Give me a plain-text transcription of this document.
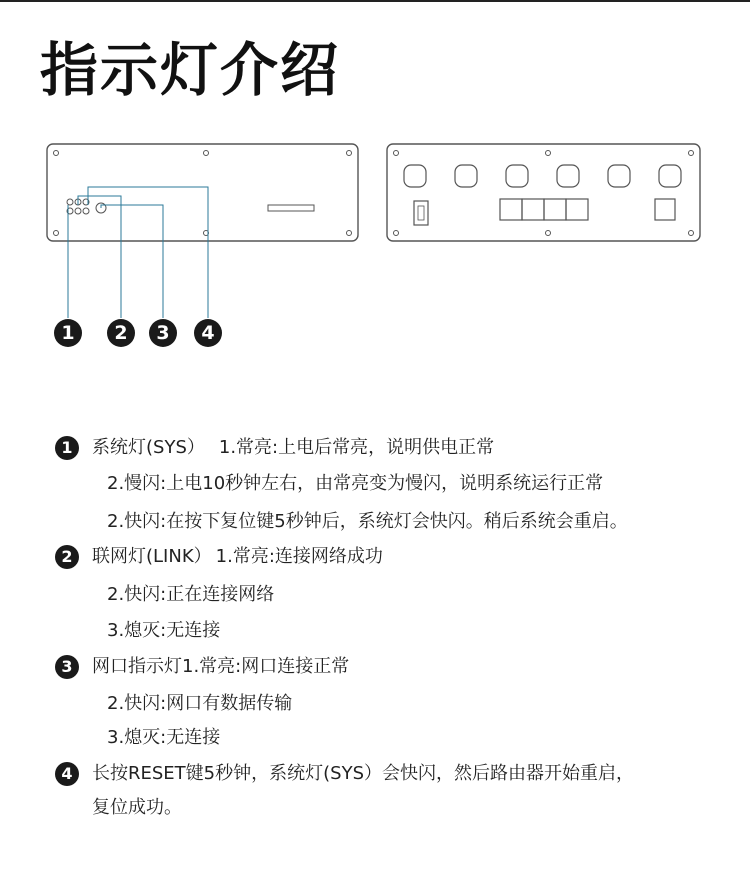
指示灯介绍
1	2	3	4
1	系统灯(SYS） 1.常亮:上电后常亮，说明供电正常
2.慢闪:上电10秒钟左右，由常亮变为慢闪，说明系统运行正常
2.快闪:在按下复位键5秒钟后，系统灯会快闪。稍后系统会重启。
2	联网灯(LINK） 1.常亮:连接网络成功
2.快闪:正在连接网络
3.熄灭:无连接
3	网口指示灯1.常亮:网口连接正常
2.快闪:网口有数据传输
3.熄灭:无连接
4	长按RESET键5秒钟，系统灯(SYS）会快闪，然后路由器开始重启，
复位成功。
